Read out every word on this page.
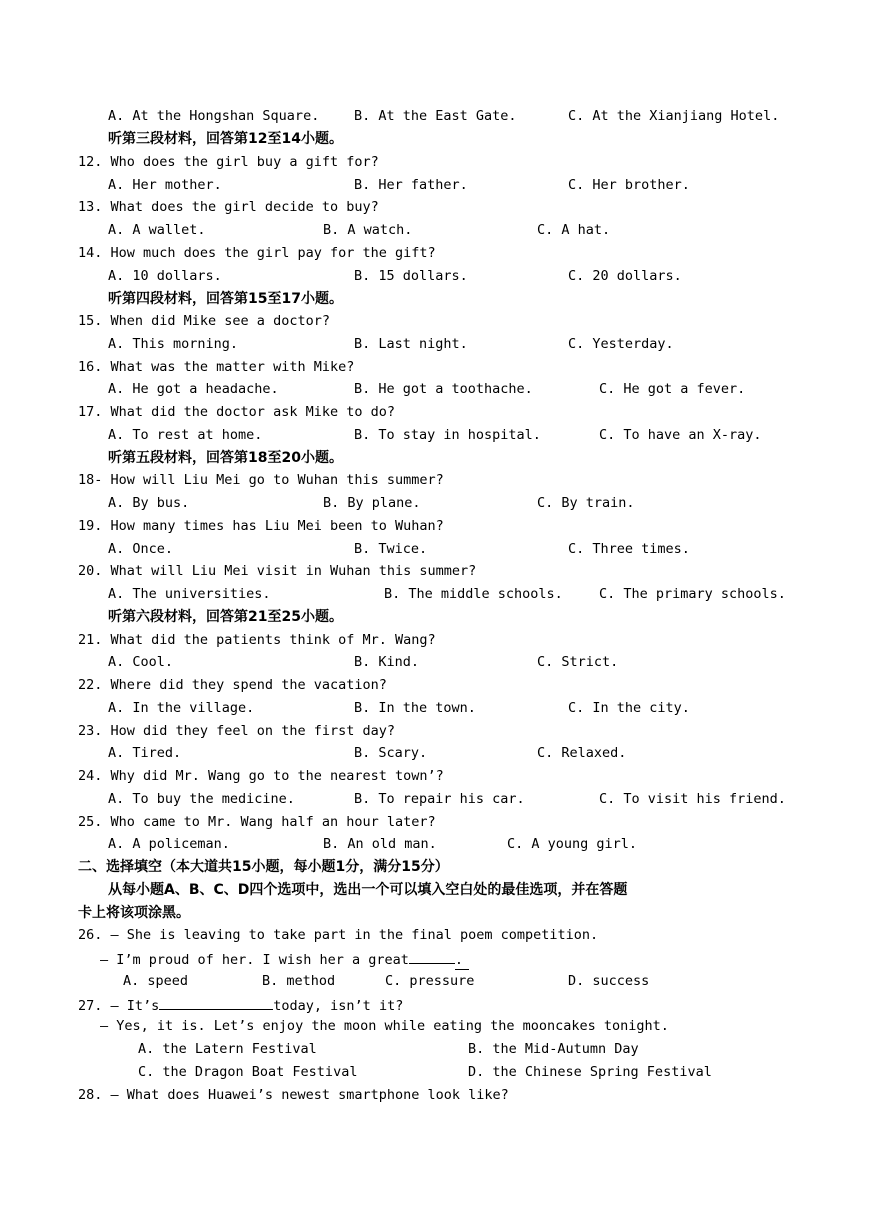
A. At the Hongshan Square.	B. At the East Gate.	C. At the Xianjiang Hotel.
听第三段材料，回答第12至14小题。
12. Who does the girl buy a gift for?
A. Her mother.	B. Her father.	C. Her brother.
13. What does the girl decide to buy?
A. A wallet.	B. A watch.	C. A hat.
14. How much does the girl pay for the gift?
A. 10 dollars.	B. 15 dollars.	C. 20 dollars.
听第四段材料，回答第15至17小题。
15. When did Mike see a doctor?
A. This morning.	B. Last night.	C. Yesterday.
16. What was the matter with Mike?
A. He got a headache.	B. He got a toothache.	C. He got a fever.
17. What did the doctor ask Mike to do?
A. To rest at home.	B. To stay in hospital.	C. To have an X-ray.
听第五段材料，回答第18至20小题。
18- How will Liu Mei go to Wuhan this summer?
A. By bus.	B. By plane.	C. By train.
19. How many times has Liu Mei been to Wuhan?
A. Once.	B. Twice.	C. Three times.
20. What will Liu Mei visit in Wuhan this summer?
A. The universities.	B. The middle schools.	C. The primary schools.
听第六段材料，回答第21至25小题。
21. What did the patients think of Mr. Wang?
A. Cool.	B. Kind.	C. Strict.
22. Where did they spend the vacation?
A. In the village.	B. In the town.	C. In the city.
23. How did they feel on the first day?
A. Tired.	B. Scary.	C. Relaxed.
24. Why did Mr. Wang go to the nearest town’?
A. To buy the medicine.	B. To repair his car.	C. To visit his friend.
25. Who came to Mr. Wang half an hour later?
A. A policeman.	B. An old man.	C. A young girl.
二、选择填空（本大道共15小题，每小题1分，满分15分）
从每小题A、B、C、D四个选项中，选出一个可以填入空白处的最佳选项，并在答题
卡上将该项涂黑。
26. — She is leaving to take part in the final poem competition.
— I’m proud of her. I wish her a great	.
A. speed	B. method	C. pressure	D. success
27. — It’s	today, isn’t it?
— Yes, it is. Let’s enjoy the moon while eating the mooncakes tonight.
A. the Latern Festival	B. the Mid-Autumn Day
C. the Dragon Boat Festival	D. the Chinese Spring Festival
28. — What does Huawei’s newest smartphone look like?
